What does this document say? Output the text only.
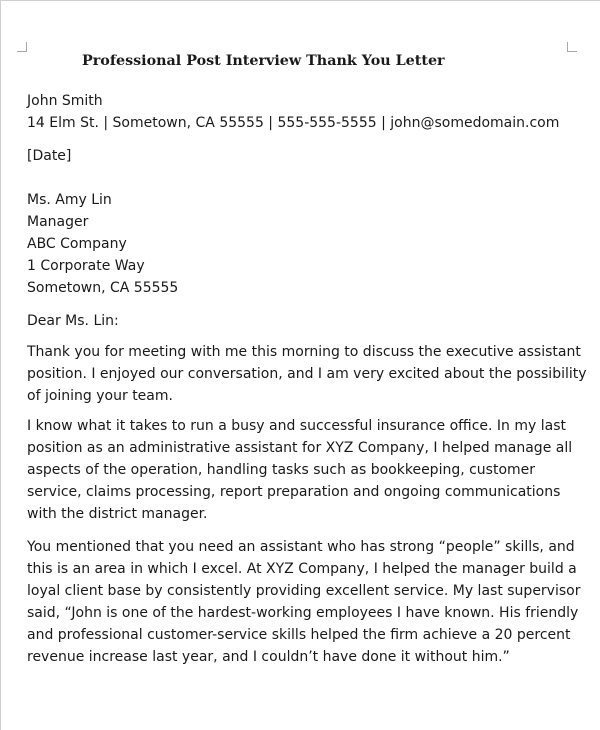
Professional Post Interview Thank You Letter
John Smith
14 Elm St. | Sometown, CA 55555 | 555-555-5555 | john@somedomain.com
[Date]
Ms. Amy Lin
Manager
ABC Company
1 Corporate Way
Sometown, CA 55555
Dear Ms. Lin:
Thank you for meeting with me this morning to discuss the executive assistant
position. I enjoyed our conversation, and I am very excited about the possibility
of joining your team.
I know what it takes to run a busy and successful insurance office. In my last
position as an administrative assistant for XYZ Company, I helped manage all
aspects of the operation, handling tasks such as bookkeeping, customer
service, claims processing, report preparation and ongoing communications
with the district manager.
You mentioned that you need an assistant who has strong “people” skills, and
this is an area in which I excel. At XYZ Company, I helped the manager build a
loyal client base by consistently providing excellent service. My last supervisor
said, “John is one of the hardest-working employees I have known. His friendly
and professional customer-service skills helped the firm achieve a 20 percent
revenue increase last year, and I couldn’t have done it without him.”
